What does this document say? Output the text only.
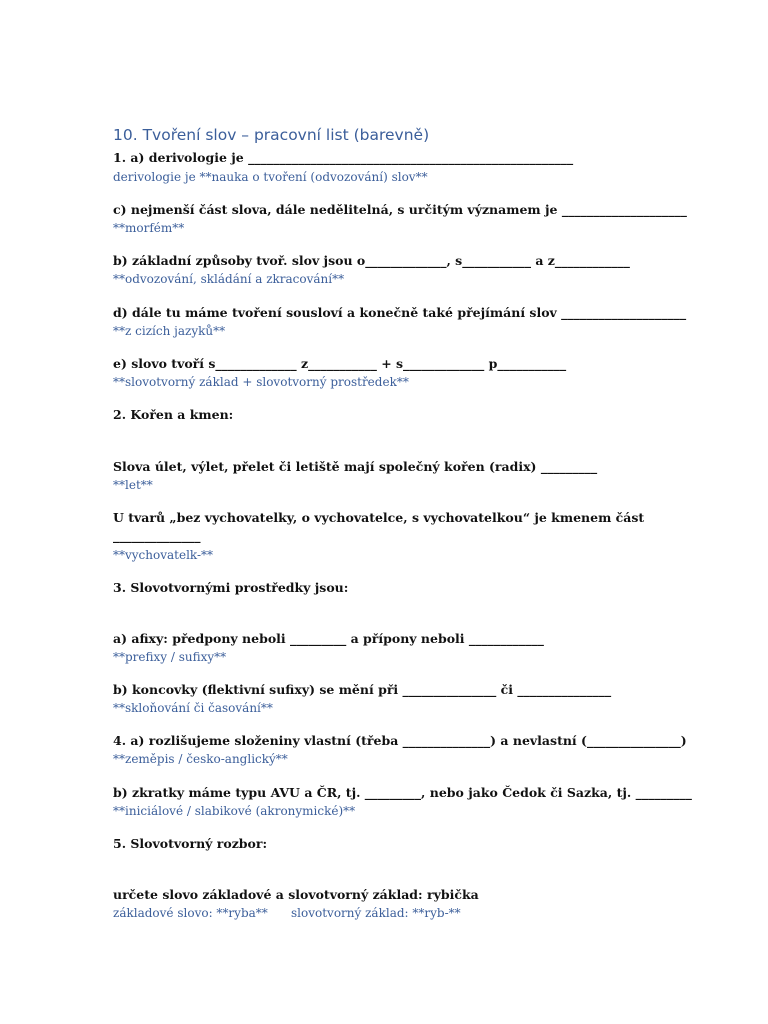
10. Tvoření slov – pracovní list (barevně)
1. a) derivologie je ____________________________________________________
derivologie je **nauka o tvoření (odvozování) slov**
c) nejmenší část slova, dále nedělitelná, s určitým významem je ____________________
**morfém**
b) základní způsoby tvoř. slov jsou o_____________, s___________ a z____________
**odvozování, skládání a zkracování**
d) dále tu máme tvoření sousloví a konečně také přejímání slov ____________________
**z cizích jazyků**
e) slovo tvoří s_____________ z___________ + s_____________ p___________
**slovotvorný základ + slovotvorný prostředek**
2. Kořen a kmen:
Slova úlet, výlet, přelet či letiště mají společný kořen (radix) _________
**let**
U tvarů „bez vychovatelky, o vychovatelce, s vychovatelkou“ je kmenem část
______________
**vychovatelk-**
3. Slovotvornými prostředky jsou:
a) afixy: předpony neboli _________ a přípony neboli ____________
**prefixy / sufixy**
b) koncovky (flektivní sufixy) se mění při _______________ či _______________
**skloňování či časování**
4. a) rozlišujeme složeniny vlastní (třeba ______________) a nevlastní (_______________)
**zeměpis / česko-anglický**
b) zkratky máme typu AVU a ČR, tj. _________, nebo jako Čedok či Sazka, tj. _________
**iniciálové / slabikové (akronymické)**
5. Slovotvorný rozbor:
určete slovo základové a slovotvorný základ: rybička
základové slovo: **ryba** slovotvorný základ: **ryb-**
